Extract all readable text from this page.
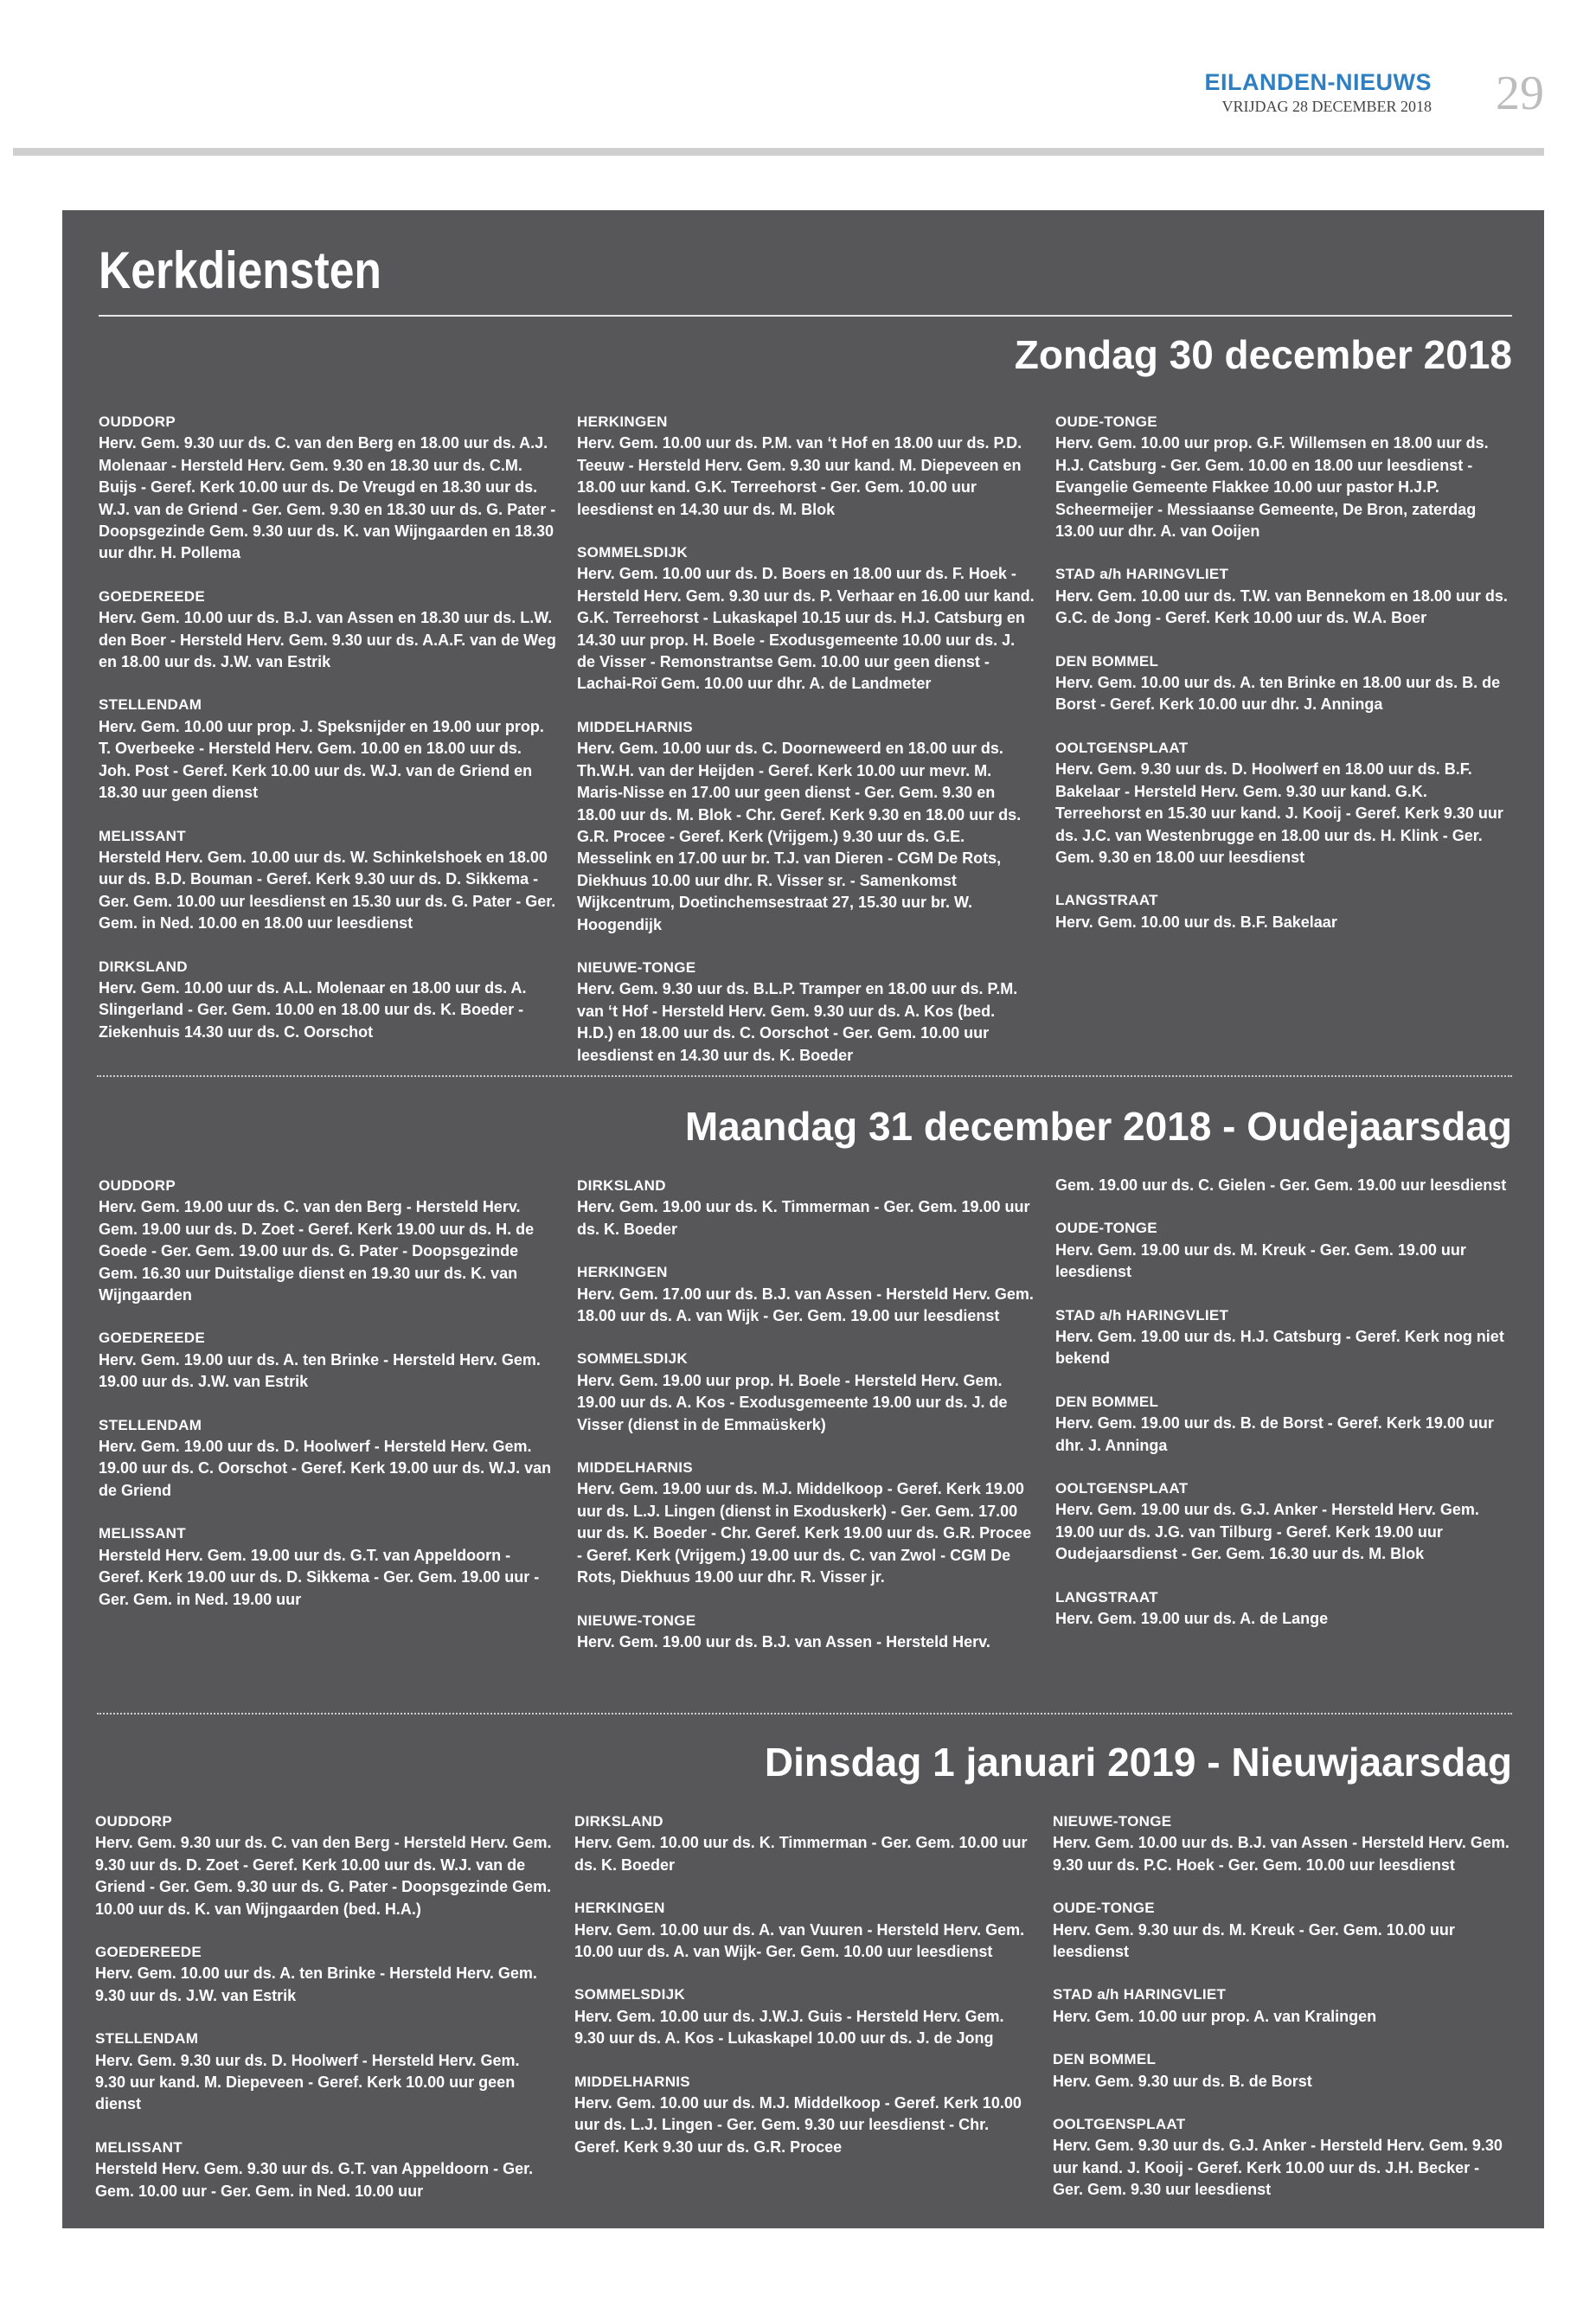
EILANDEN-NIEUWS
VRIJDAG 28 DECEMBER 2018 29
Kerkdiensten
Zondag 30 december 2018
OUDDORP
Herv. Gem. 9.30 uur ds. C. van den Berg en 18.00 uur ds. A.J. Molenaar - Hersteld Herv. Gem. 9.30 en 18.30 uur ds. C.M. Buijs - Geref. Kerk 10.00 uur ds. De Vreugd en 18.30 uur ds. W.J. van de Griend - Ger. Gem. 9.30 en 18.30 uur ds. G. Pater - Doopsgezinde Gem. 9.30 uur ds. K. van Wijngaarden en 18.30 uur dhr. H. Pollema
GOEDEREEDE
Herv. Gem. 10.00 uur ds. B.J. van Assen en 18.30 uur ds. L.W. den Boer - Hersteld Herv. Gem. 9.30 uur ds. A.A.F. van de Weg en 18.00 uur ds. J.W. van Estrik
STELLENDAM
Herv. Gem. 10.00 uur prop. J. Speksnijder en 19.00 uur prop. T. Overbeeke - Hersteld Herv. Gem. 10.00 en 18.00 uur ds. Joh. Post - Geref. Kerk 10.00 uur ds. W.J. van de Griend en 18.30 uur geen dienst
MELISSANT
Hersteld Herv. Gem. 10.00 uur ds. W. Schinkelshoek en 18.00 uur ds. B.D. Bouman - Geref. Kerk 9.30 uur ds. D. Sikkema - Ger. Gem. 10.00 uur leesdienst en 15.30 uur ds. G. Pater - Ger. Gem. in Ned. 10.00 en 18.00 uur leesdienst
DIRKSLAND
Herv. Gem. 10.00 uur ds. A.L. Molenaar en 18.00 uur ds. A. Slingerland - Ger. Gem. 10.00 en 18.00 uur ds. K. Boeder - Ziekenhuis 14.30 uur ds. C. Oorschot
HERKINGEN
Herv. Gem. 10.00 uur ds. P.M. van ‘t Hof en 18.00 uur ds. P.D. Teeuw - Hersteld Herv. Gem. 9.30 uur kand. M. Diepeveen en 18.00 uur kand. G.K. Terreehorst - Ger. Gem. 10.00 uur leesdienst en 14.30 uur ds. M. Blok
SOMMELSDIJK
Herv. Gem. 10.00 uur ds. D. Boers en 18.00 uur ds. F. Hoek - Hersteld Herv. Gem. 9.30 uur ds. P. Verhaar en 16.00 uur kand. G.K. Terreehorst - Lukaskapel 10.15 uur ds. H.J. Catsburg en 14.30 uur prop. H. Boele - Exodusgemeente 10.00 uur ds. J. de Visser - Remonstrantse Gem. 10.00 uur geen dienst - Lachai-Roï Gem. 10.00 uur dhr. A. de Landmeter
MIDDELHARNIS
Herv. Gem. 10.00 uur ds. C. Doorneweerd en 18.00 uur ds. Th.W.H. van der Heijden - Geref. Kerk 10.00 uur mevr. M. Maris-Nisse en 17.00 uur geen dienst - Ger. Gem. 9.30 en 18.00 uur ds. M. Blok - Chr. Geref. Kerk 9.30 en 18.00 uur ds. G.R. Procee - Geref. Kerk (Vrijgem.) 9.30 uur ds. G.E. Messelink en 17.00 uur br. T.J. van Dieren - CGM De Rots, Diekhuus 10.00 uur dhr. R. Visser sr. - Samenkomst Wijkcentrum, Doetinchemsestraat 27, 15.30 uur br. W. Hoogendijk
NIEUWE-TONGE
Herv. Gem. 9.30 uur ds. B.L.P. Tramper en 18.00 uur ds. P.M. van ‘t Hof - Hersteld Herv. Gem. 9.30 uur ds. A. Kos (bed. H.D.) en 18.00 uur ds. C. Oorschot - Ger. Gem. 10.00 uur leesdienst en 14.30 uur ds. K. Boeder
OUDE-TONGE
Herv. Gem. 10.00 uur prop. G.F. Willemsen en 18.00 uur ds. H.J. Catsburg - Ger. Gem. 10.00 en 18.00 uur leesdienst - Evangelie Gemeente Flakkee 10.00 uur pastor H.J.P. Scheermeijer - Messiaanse Gemeente, De Bron, zaterdag 13.00 uur dhr. A. van Ooijen
STAD a/h HARINGVLIET
Herv. Gem. 10.00 uur ds. T.W. van Bennekom en 18.00 uur ds. G.C. de Jong - Geref. Kerk 10.00 uur ds. W.A. Boer
DEN BOMMEL
Herv. Gem. 10.00 uur ds. A. ten Brinke en 18.00 uur ds. B. de Borst - Geref. Kerk 10.00 uur dhr. J. Anninga
OOLTGENSPLAAT
Herv. Gem. 9.30 uur ds. D. Hoolwerf en 18.00 uur ds. B.F. Bakelaar - Hersteld Herv. Gem. 9.30 uur kand. G.K. Terreehorst en 15.30 uur kand. J. Kooij - Geref. Kerk 9.30 uur ds. J.C. van Westenbrugge en 18.00 uur ds. H. Klink - Ger. Gem. 9.30 en 18.00 uur leesdienst
LANGSTRAAT
Herv. Gem. 10.00 uur ds. B.F. Bakelaar
Maandag 31 december 2018 - Oudejaarsdag
OUDDORP
Herv. Gem. 19.00 uur ds. C. van den Berg - Hersteld Herv. Gem. 19.00 uur ds. D. Zoet - Geref. Kerk 19.00 uur ds. H. de Goede - Ger. Gem. 19.00 uur ds. G. Pater - Doopsgezinde Gem. 16.30 uur Duitstalige dienst en 19.30 uur ds. K. van Wijngaarden
GOEDEREEDE
Herv. Gem. 19.00 uur ds. A. ten Brinke - Hersteld Herv. Gem. 19.00 uur ds. J.W. van Estrik
STELLENDAM
Herv. Gem. 19.00 uur ds. D. Hoolwerf - Hersteld Herv. Gem. 19.00 uur ds. C. Oorschot - Geref. Kerk 19.00 uur ds. W.J. van de Griend
MELISSANT
Hersteld Herv. Gem. 19.00 uur ds. G.T. van Appeldoorn - Geref. Kerk 19.00 uur ds. D. Sikkema - Ger. Gem. 19.00 uur - Ger. Gem. in Ned. 19.00 uur
DIRKSLAND
Herv. Gem. 19.00 uur ds. K. Timmerman - Ger. Gem. 19.00 uur ds. K. Boeder
HERKINGEN
Herv. Gem. 17.00 uur ds. B.J. van Assen - Hersteld Herv. Gem. 18.00 uur ds. A. van Wijk - Ger. Gem. 19.00 uur leesdienst
SOMMELSDIJK
Herv. Gem. 19.00 uur prop. H. Boele - Hersteld Herv. Gem. 19.00 uur ds. A. Kos - Exodusgemeente 19.00 uur ds. J. de Visser (dienst in de Emmaüskerk)
MIDDELHARNIS
Herv. Gem. 19.00 uur ds. M.J. Middelkoop - Geref. Kerk 19.00 uur ds. L.J. Lingen (dienst in Exoduskerk) - Ger. Gem. 17.00 uur ds. K. Boeder - Chr. Geref. Kerk 19.00 uur ds. G.R. Procee - Geref. Kerk (Vrijgem.) 19.00 uur ds. C. van Zwol - CGM De Rots, Diekhuus 19.00 uur dhr. R. Visser jr.
NIEUWE-TONGE
Herv. Gem. 19.00 uur ds. B.J. van Assen - Hersteld Herv.
Gem. 19.00 uur ds. C. Gielen - Ger. Gem. 19.00 uur leesdienst
OUDE-TONGE
Herv. Gem. 19.00 uur ds. M. Kreuk - Ger. Gem. 19.00 uur leesdienst
STAD a/h HARINGVLIET
Herv. Gem. 19.00 uur ds. H.J. Catsburg - Geref. Kerk nog niet bekend
DEN BOMMEL
Herv. Gem. 19.00 uur ds. B. de Borst - Geref. Kerk 19.00 uur dhr. J. Anninga
OOLTGENSPLAAT
Herv. Gem. 19.00 uur ds. G.J. Anker - Hersteld Herv. Gem. 19.00 uur ds. J.G. van Tilburg - Geref. Kerk 19.00 uur Oudejaarsdienst - Ger. Gem. 16.30 uur ds. M. Blok
LANGSTRAAT
Herv. Gem. 19.00 uur ds. A. de Lange
Dinsdag 1 januari 2019 - Nieuwjaarsdag
OUDDORP
Herv. Gem. 9.30 uur ds. C. van den Berg - Hersteld Herv. Gem. 9.30 uur ds. D. Zoet - Geref. Kerk 10.00 uur ds. W.J. van de Griend - Ger. Gem. 9.30 uur ds. G. Pater - Doopsgezinde Gem. 10.00 uur ds. K. van Wijngaarden (bed. H.A.)
GOEDEREEDE
Herv. Gem. 10.00 uur ds. A. ten Brinke - Hersteld Herv. Gem. 9.30 uur ds. J.W. van Estrik
STELLENDAM
Herv. Gem. 9.30 uur ds. D. Hoolwerf - Hersteld Herv. Gem. 9.30 uur kand. M. Diepeveen - Geref. Kerk 10.00 uur geen dienst
MELISSANT
Hersteld Herv. Gem. 9.30 uur ds. G.T. van Appeldoorn - Ger. Gem. 10.00 uur - Ger. Gem. in Ned. 10.00 uur
DIRKSLAND
Herv. Gem. 10.00 uur ds. K. Timmerman - Ger. Gem. 10.00 uur ds. K. Boeder
HERKINGEN
Herv. Gem. 10.00 uur ds. A. van Vuuren - Hersteld Herv. Gem. 10.00 uur ds. A. van Wijk- Ger. Gem. 10.00 uur leesdienst
SOMMELSDIJK
Herv. Gem. 10.00 uur ds. J.W.J. Guis - Hersteld Herv. Gem. 9.30 uur ds. A. Kos - Lukaskapel 10.00 uur ds. J. de Jong
MIDDELHARNIS
Herv. Gem. 10.00 uur ds. M.J. Middelkoop - Geref. Kerk 10.00 uur ds. L.J. Lingen - Ger. Gem. 9.30 uur leesdienst - Chr. Geref. Kerk 9.30 uur ds. G.R. Procee
NIEUWE-TONGE
Herv. Gem. 10.00 uur ds. B.J. van Assen - Hersteld Herv. Gem. 9.30 uur ds. P.C. Hoek - Ger. Gem. 10.00 uur leesdienst
OUDE-TONGE
Herv. Gem. 9.30 uur ds. M. Kreuk - Ger. Gem. 10.00 uur leesdienst
STAD a/h HARINGVLIET
Herv. Gem. 10.00 uur prop. A. van Kralingen
DEN BOMMEL
Herv. Gem. 9.30 uur ds. B. de Borst
OOLTGENSPLAAT
Herv. Gem. 9.30 uur ds. G.J. Anker - Hersteld Herv. Gem. 9.30 uur kand. J. Kooij - Geref. Kerk 10.00 uur ds. J.H. Becker - Ger. Gem. 9.30 uur leesdienst
